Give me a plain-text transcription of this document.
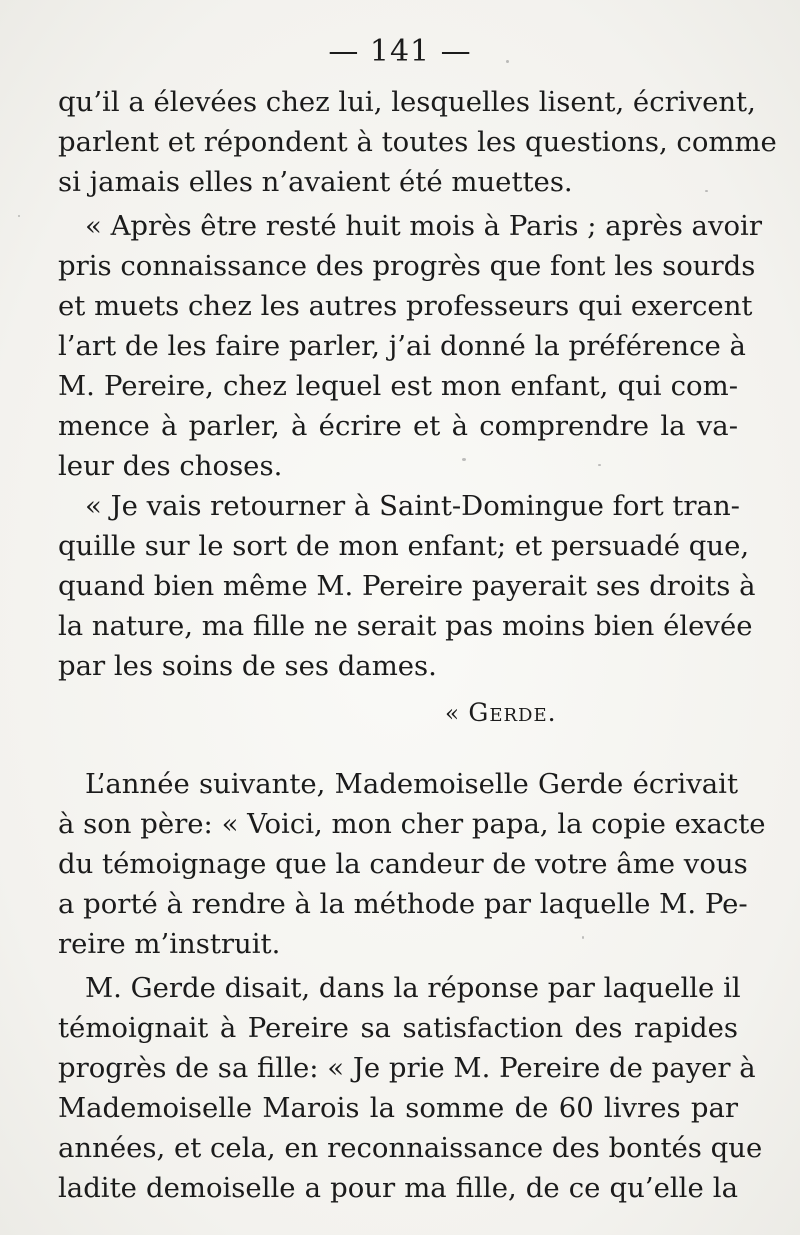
— 141 —
qu’il a élevées chez lui, lesquelles lisent, écrivent,
parlent et répondent à toutes les questions, comme
si jamais elles n’avaient été muettes.
« Après être resté huit mois à Paris ; après avoir
pris connaissance des progrès que font les sourds
et muets chez les autres professeurs qui exercent
l’art de les faire parler, j’ai donné la préférence à
M. Pereire, chez lequel est mon enfant, qui com-
mence à parler, à écrire et à comprendre la va-
leur des choses.
« Je vais retourner à Saint-Domingue fort tran-
quille sur le sort de mon enfant; et persuadé que,
quand bien même M. Pereire payerait ses droits à
la nature, ma fille ne serait pas moins bien élevée
par les soins de ses dames.
« Gerde.
L’année suivante, Mademoiselle Gerde écrivait
à son père: « Voici, mon cher papa, la copie exacte
du témoignage que la candeur de votre âme vous
a porté à rendre à la méthode par laquelle M. Pe-
reire m’instruit.
M. Gerde disait, dans la réponse par laquelle il
témoignait à Pereire sa satisfaction des rapides
progrès de sa fille: « Je prie M. Pereire de payer à
Mademoiselle Marois la somme de 60 livres par
années, et cela, en reconnaissance des bontés que
ladite demoiselle a pour ma fille, de ce qu’elle la
